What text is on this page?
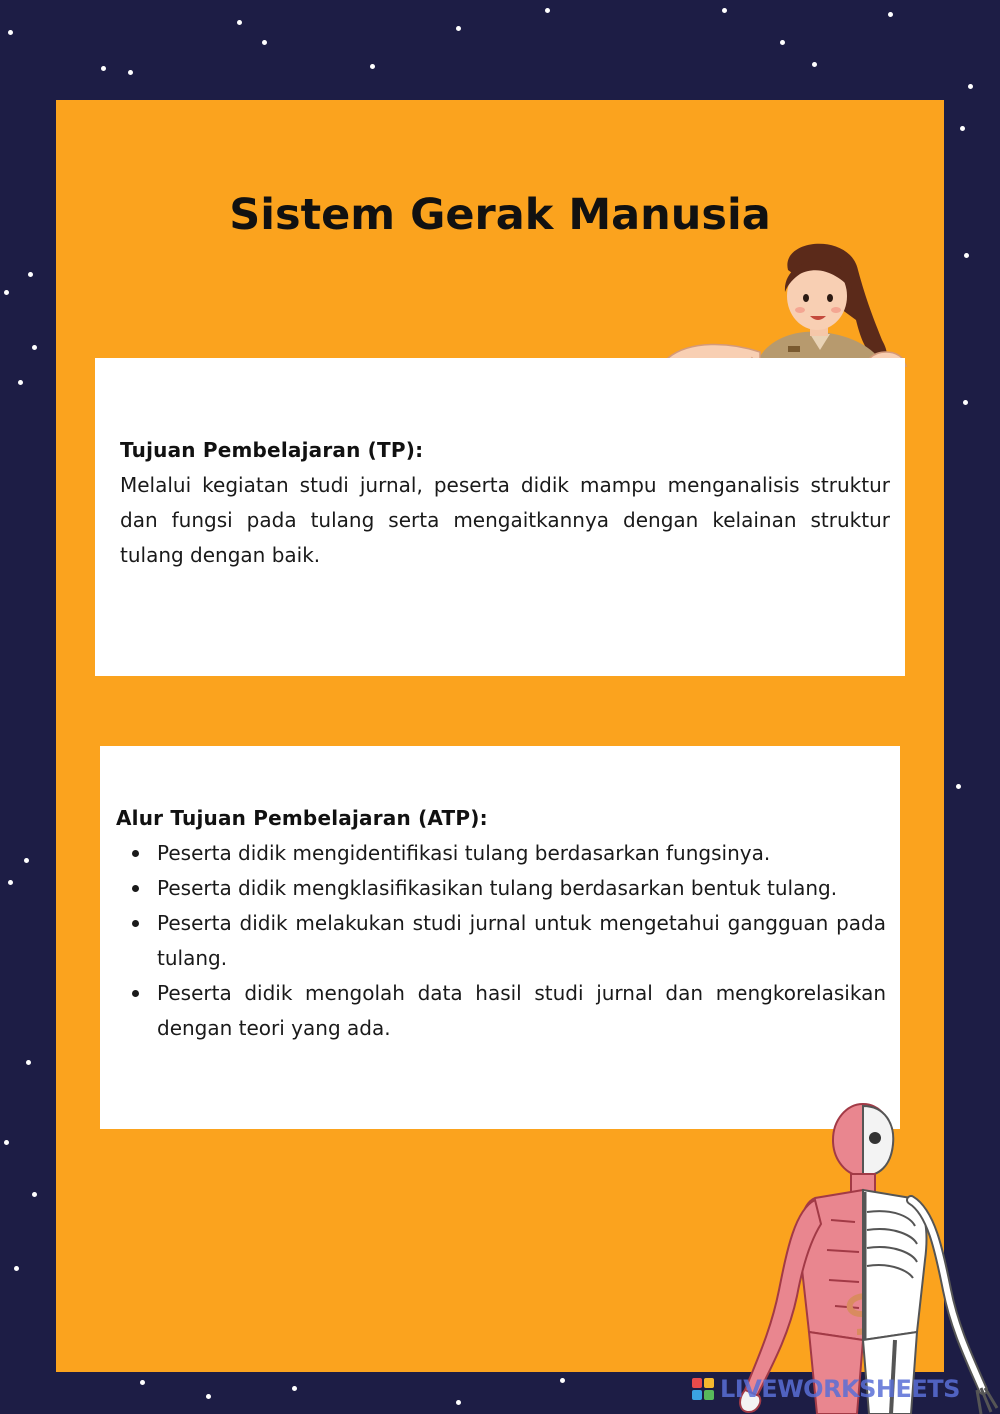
Sistem Gerak Manusia
Tujuan Pembelajaran (TP):

Melalui kegiatan studi jurnal, peserta didik mampu menganalisis struktur dan fungsi pada tulang serta mengaitkannya dengan kelainan struktur tulang dengan baik.

Alur Tujuan Pembelajaran (ATP):
Peserta didik mengidentifikasi tulang berdasarkan fungsinya.
Peserta didik mengklasifikasikan tulang berdasarkan bentuk tulang.
Peserta didik melakukan studi jurnal untuk mengetahui gangguan pada tulang.
Peserta didik mengolah data hasil studi jurnal dan mengkorelasikan dengan teori yang ada.
LIVEWORKSHEETS
